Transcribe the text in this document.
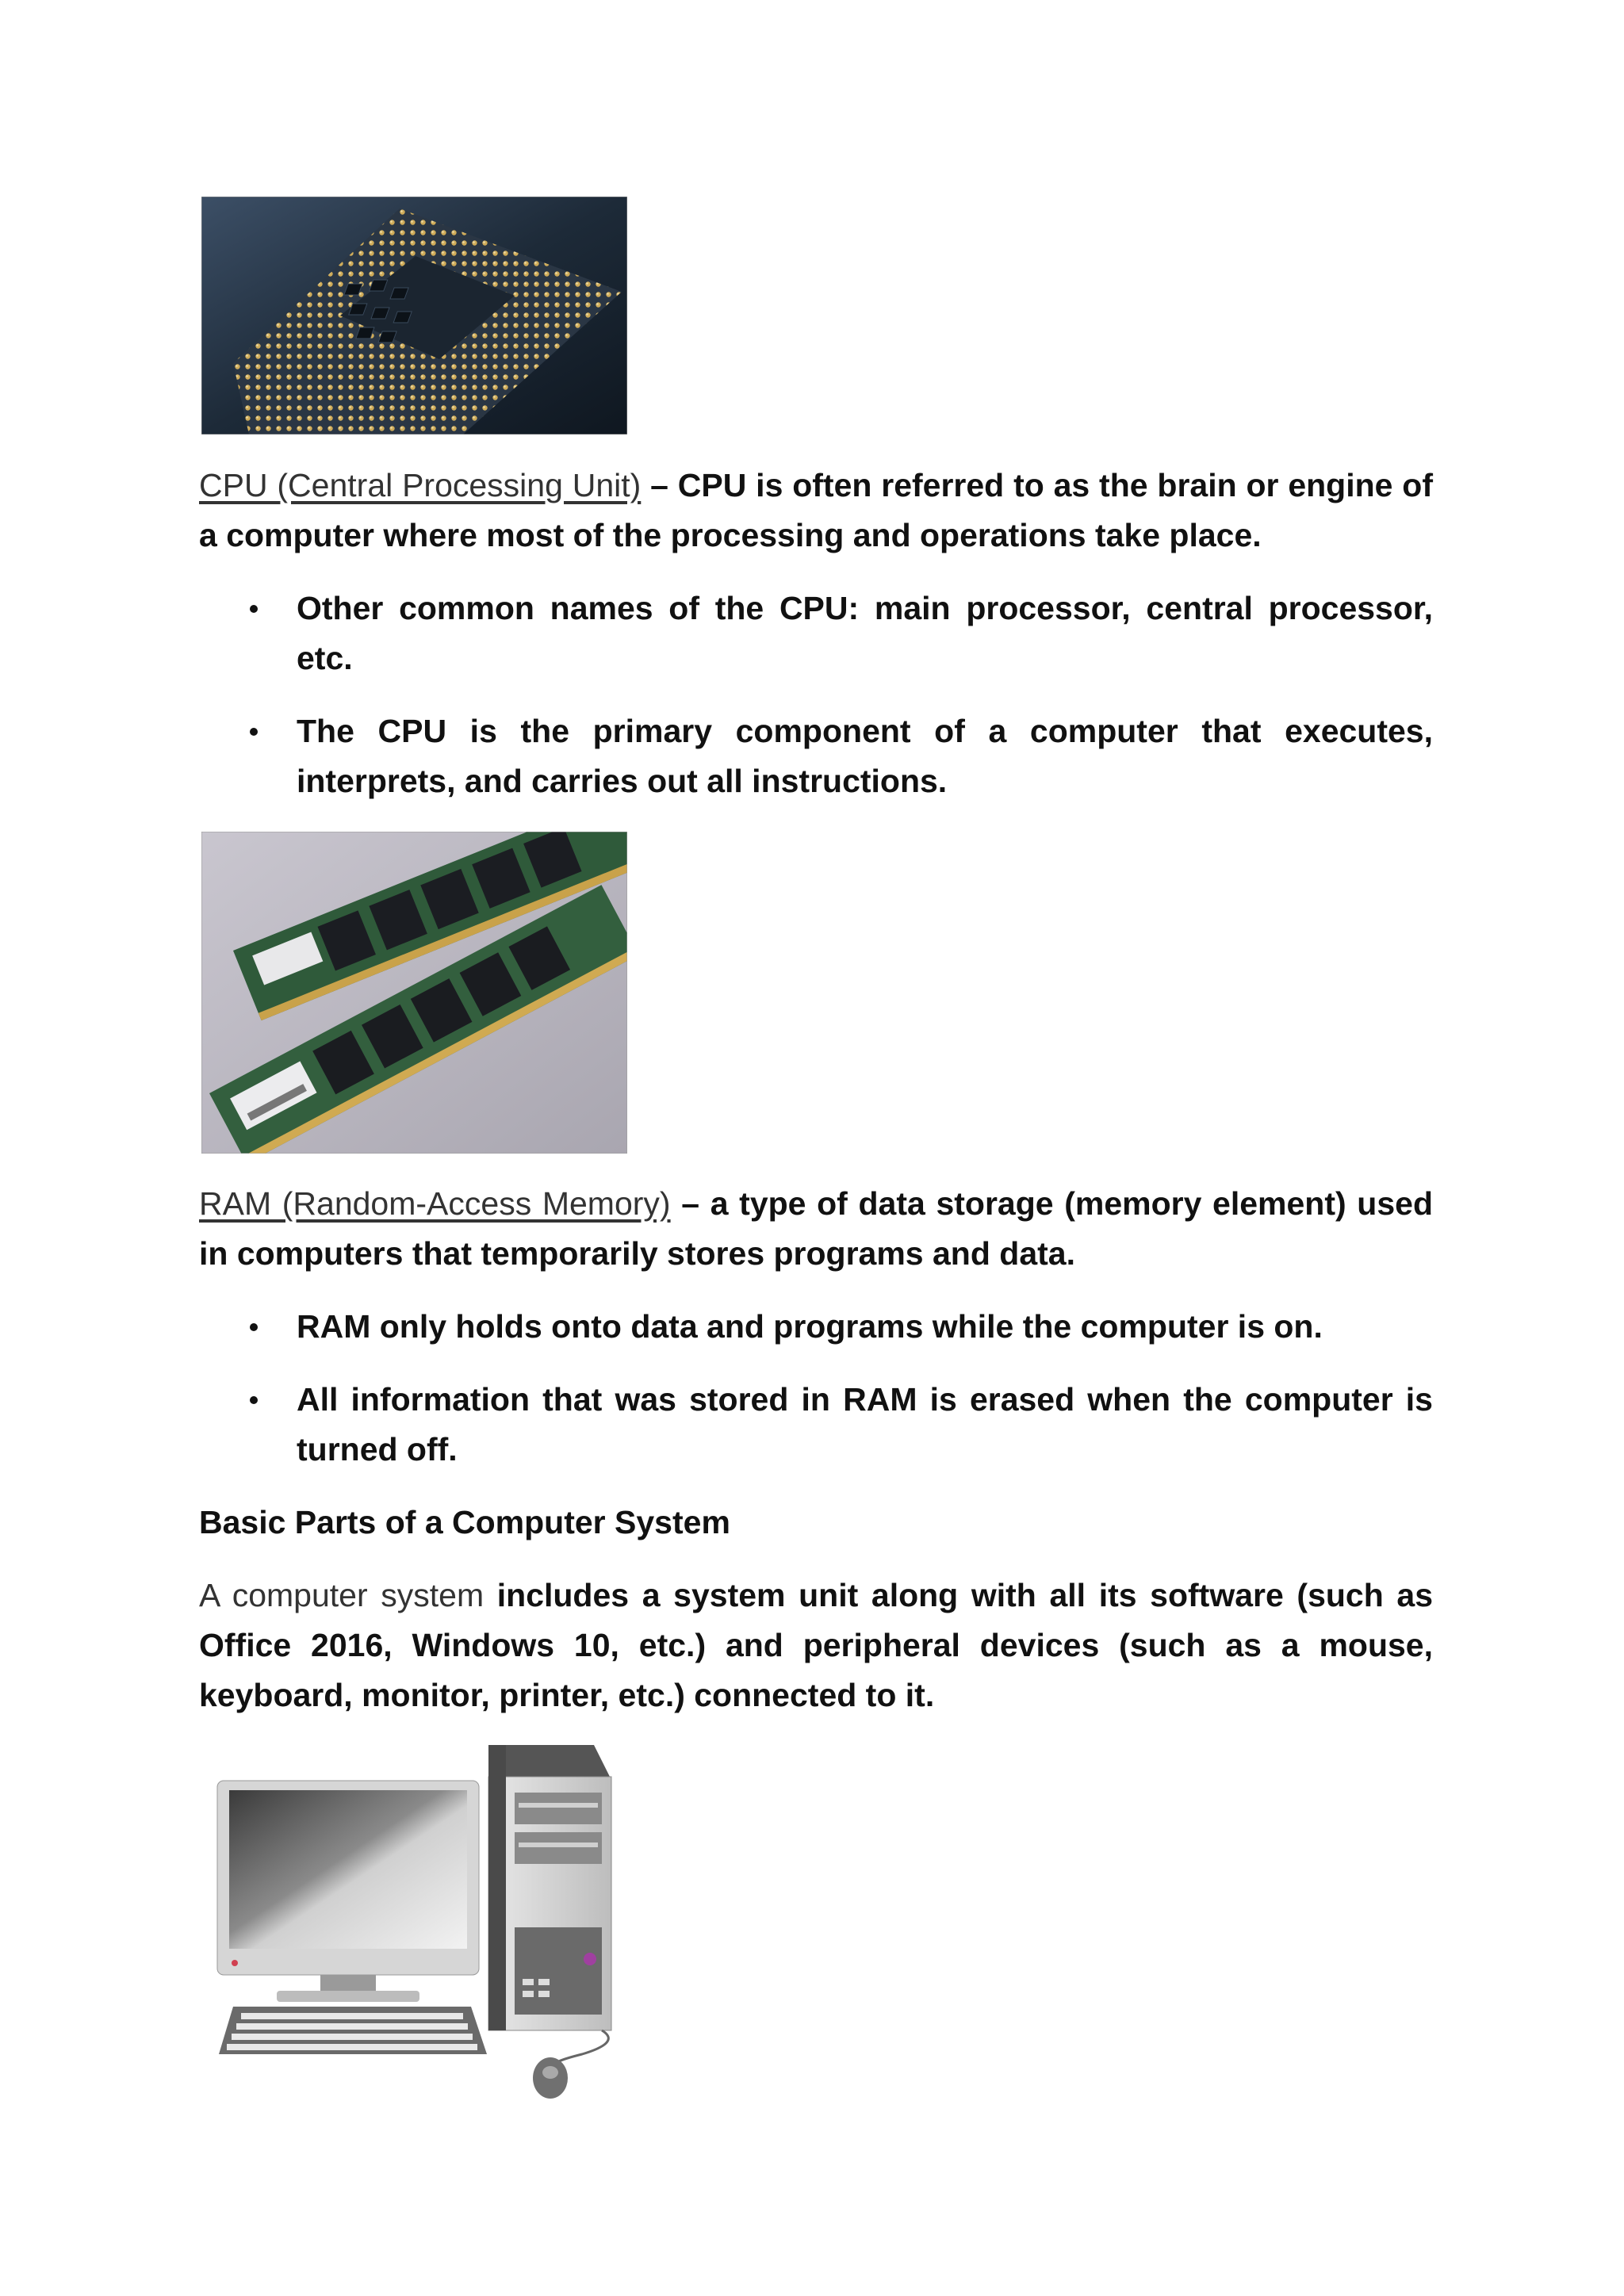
CPU (Central Processing Unit) – CPU is often referred to as the brain or engine of a computer where most of the processing and operations take place.
Other common names of the CPU: main processor, central processor, etc.
The CPU is the primary component of a computer that executes, interprets, and carries out all instructions.
RAM (Random-Access Memory) – a type of data storage (memory element) used in computers that temporarily stores programs and data.
RAM only holds onto data and programs while the computer is on.
All information that was stored in RAM is erased when the computer is turned off.
Basic Parts of a Computer System
A computer system includes a system unit along with all its software (such as Office 2016, Windows 10, etc.) and peripheral devices (such as a mouse, keyboard, monitor, printer, etc.) connected to it.
